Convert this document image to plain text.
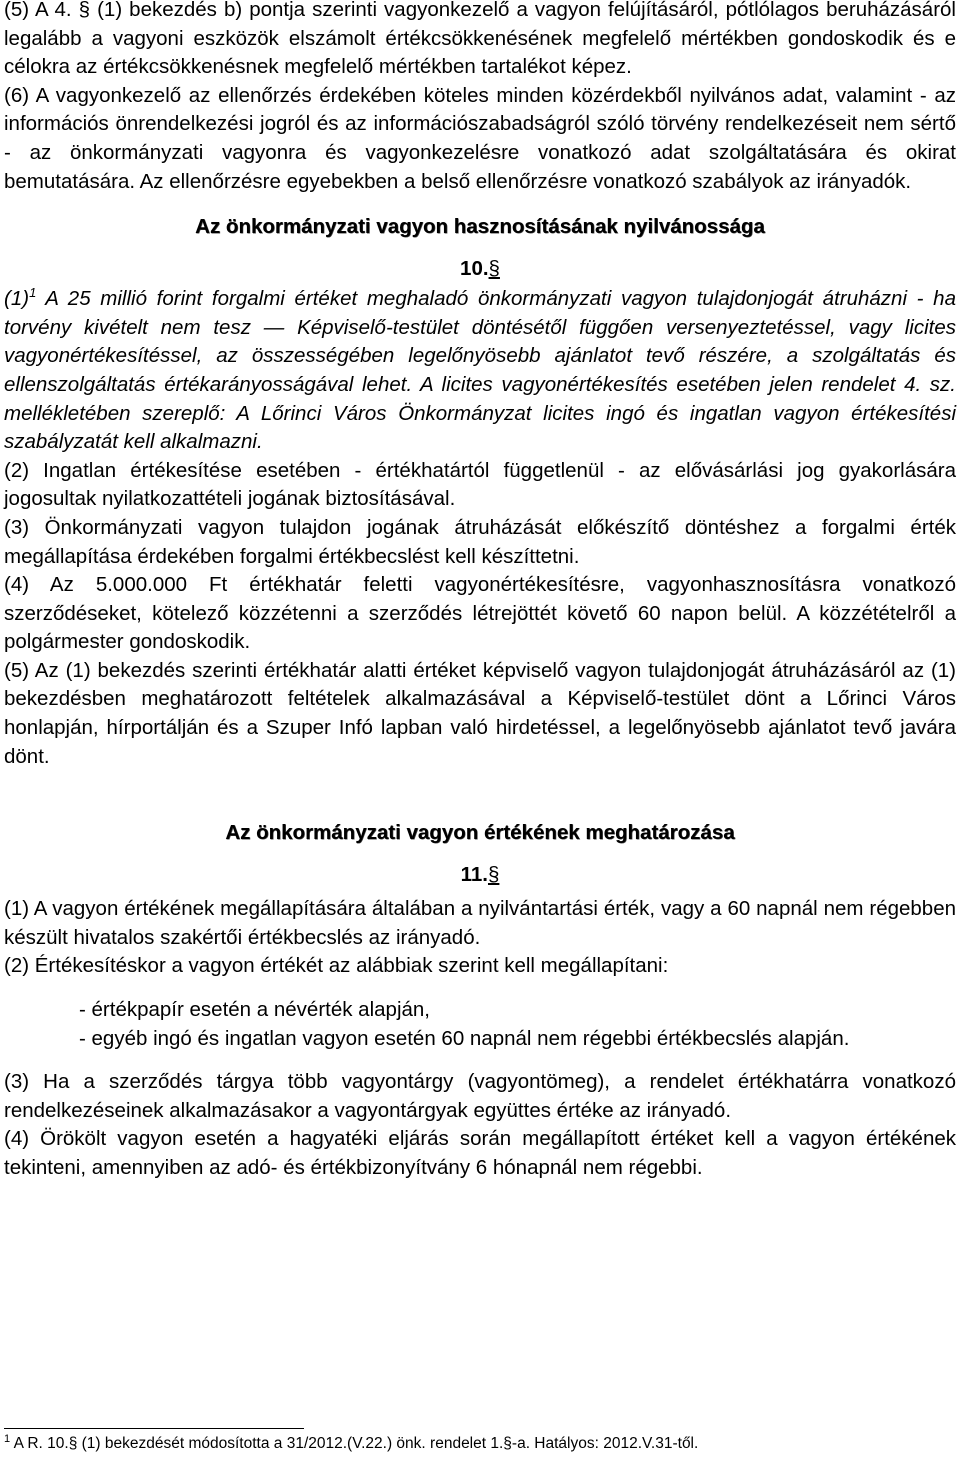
(5) A 4. § (1) bekezdés b) pontja szerinti vagyonkezelő a vagyon felújításáról, pótlólagos beruházásáról legalább a vagyoni eszközök elszámolt értékcsökkenésének megfelelő mértékben gondoskodik és e célokra az értékcsökkenésnek megfelelő mértékben tartalékot képez.

(6) A vagyonkezelő az ellenőrzés érdekében köteles minden közérdekből nyilvános adat, valamint - az információs önrendelkezési jogról és az információszabadságról szóló törvény rendelkezéseit nem sértő - az önkormányzati vagyonra és vagyonkezelésre vonatkozó adat szolgáltatására és okirat bemutatására. Az ellenőrzésre egyebekben a belső ellenőrzésre vonatkozó szabályok az irányadók.

Az önkormányzati vagyon hasznosításának nyilvánossága
10.§

$(1)^1$ A 25 millió forint forgalmi értéket meghaladó önkormányzati vagyon tulajdonjogát átruházni - ha torvény kivételt nem tesz — Képviselő-testület döntésétől függően versenyeztetéssel, vagy licites vagyonértékesítéssel, az összességében legelőnyösebb ajánlatot tevő részére, a szolgáltatás és ellenszolgáltatás értékarányosságával lehet. A licites vagyonértékesítés esetében jelen rendelet 4. sz. mellékletében szereplő: A Lőrinci Város Önkormányzat licites ingó és ingatlan vagyon értékesítési szabályzatát kell alkalmazni.

(2) Ingatlan értékesítése esetében - értékhatártól függetlenül - az elővásárlási jog gyakorlására jogosultak nyilatkozattételi jogának biztosításával.

(3) Önkormányzati vagyon tulajdon jogának átruházását előkészítő döntéshez a forgalmi érték megállapítása érdekében forgalmi értékbecslést kell készíttetni.

(4) Az 5.000.000 Ft értékhatár feletti vagyonértékesítésre, vagyonhasznosításra vonatkozó szerződéseket, kötelező közzétenni a szerződés létrejöttét követő 60 napon belül. A közzétételről a polgármester gondoskodik.

(5) Az (1) bekezdés szerinti értékhatár alatti értéket képviselő vagyon tulajdonjogát átruházásáról az (1) bekezdésben meghatározott feltételek alkalmazásával a Képviselő-testület dönt a Lőrinci Város honlapján, hírportálján és a Szuper Infó lapban való hirdetéssel, a legelőnyösebb ajánlatot tevő javára dönt.

Az önkormányzati vagyon értékének meghatározása
11.§

(1) A vagyon értékének megállapítására általában a nyilvántartási érték, vagy a 60 napnál nem régebben készült hivatalos szakértői értékbecslés az irányadó.

(2) Értékesítéskor a vagyon értékét az alábbiak szerint kell megállapítani:

- értékpapír esetén a névérték alapján,

- egyéb ingó és ingatlan vagyon esetén 60 napnál nem régebbi értékbecslés alapján.

(3) Ha a szerződés tárgya több vagyontárgy (vagyontömeg), a rendelet értékhatárra vonatkozó rendelkezéseinek alkalmazásakor a vagyontárgyak együttes értéke az irányadó.

(4) Örökölt vagyon esetén a hagyatéki eljárás során megállapított értéket kell a vagyon értékének tekinteni, amennyiben az adó- és értékbizonyítvány 6 hónapnál nem régebbi.

$^1$ A R. 10.§ (1) bekezdését módosította a 31/2012.(V.22.) önk. rendelet 1.§-a. Hatályos: 2012.V.31-től.
